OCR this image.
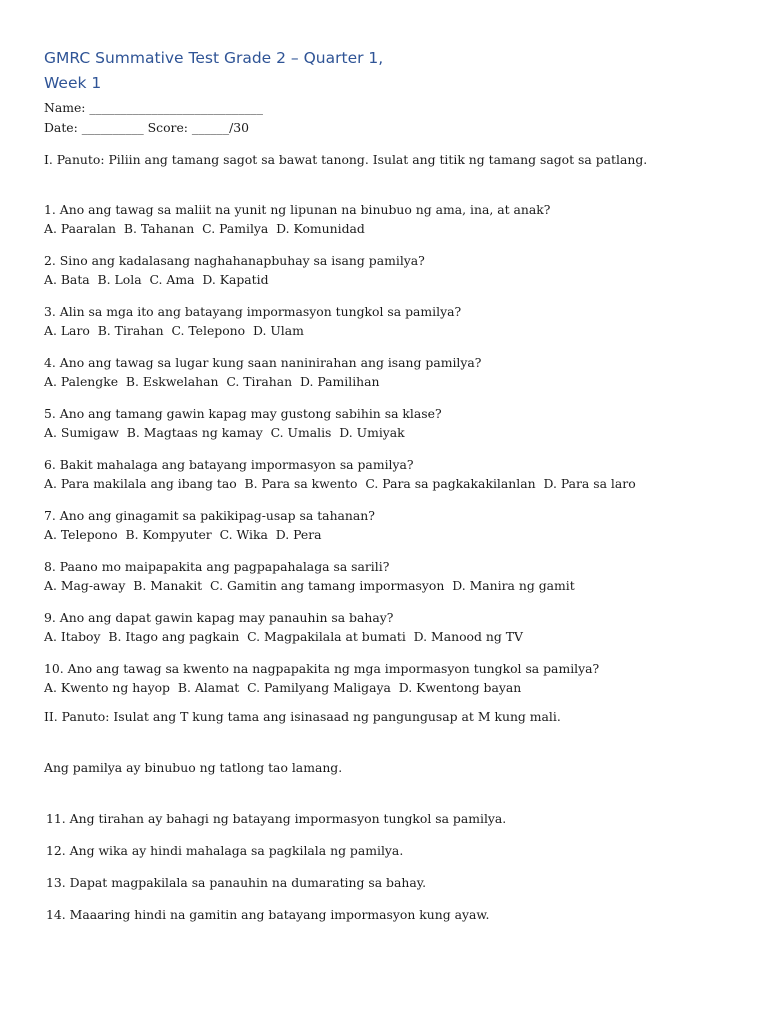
GMRC Summative Test Grade 2 – Quarter 1,
Week 1
Name: ____________________________
Date: __________ Score: ______/30
I. Panuto: Piliin ang tamang sagot sa bawat tanong. Isulat ang titik ng tamang sagot sa patlang.
1. Ano ang tawag sa maliit na yunit ng lipunan na binubuo ng ama, ina, at anak?
A. Paaralan  B. Tahanan  C. Pamilya  D. Komunidad
2. Sino ang kadalasang naghahanapbuhay sa isang pamilya?
A. Bata  B. Lola  C. Ama  D. Kapatid
3. Alin sa mga ito ang batayang impormasyon tungkol sa pamilya?
A. Laro  B. Tirahan  C. Telepono  D. Ulam
4. Ano ang tawag sa lugar kung saan naninirahan ang isang pamilya?
A. Palengke  B. Eskwelahan  C. Tirahan  D. Pamilihan
5. Ano ang tamang gawin kapag may gustong sabihin sa klase?
A. Sumigaw  B. Magtaas ng kamay  C. Umalis  D. Umiyak
6. Bakit mahalaga ang batayang impormasyon sa pamilya?
A. Para makilala ang ibang tao  B. Para sa kwento  C. Para sa pagkakakilanlan  D. Para sa laro
7. Ano ang ginagamit sa pakikipag-usap sa tahanan?
A. Telepono  B. Kompyuter  C. Wika  D. Pera
8. Paano mo maipapakita ang pagpapahalaga sa sarili?
A. Mag-away  B. Manakit  C. Gamitin ang tamang impormasyon  D. Manira ng gamit
9. Ano ang dapat gawin kapag may panauhin sa bahay?
A. Itaboy  B. Itago ang pagkain  C. Magpakilala at bumati  D. Manood ng TV
10. Ano ang tawag sa kwento na nagpapakita ng mga impormasyon tungkol sa pamilya?
A. Kwento ng hayop  B. Alamat  C. Pamilyang Maligaya  D. Kwentong bayan
II. Panuto: Isulat ang T kung tama ang isinasaad ng pangungusap at M kung mali.
Ang pamilya ay binubuo ng tatlong tao lamang.
11. Ang tirahan ay bahagi ng batayang impormasyon tungkol sa pamilya.
12. Ang wika ay hindi mahalaga sa pagkilala ng pamilya.
13. Dapat magpakilala sa panauhin na dumarating sa bahay.
14. Maaaring hindi na gamitin ang batayang impormasyon kung ayaw.
